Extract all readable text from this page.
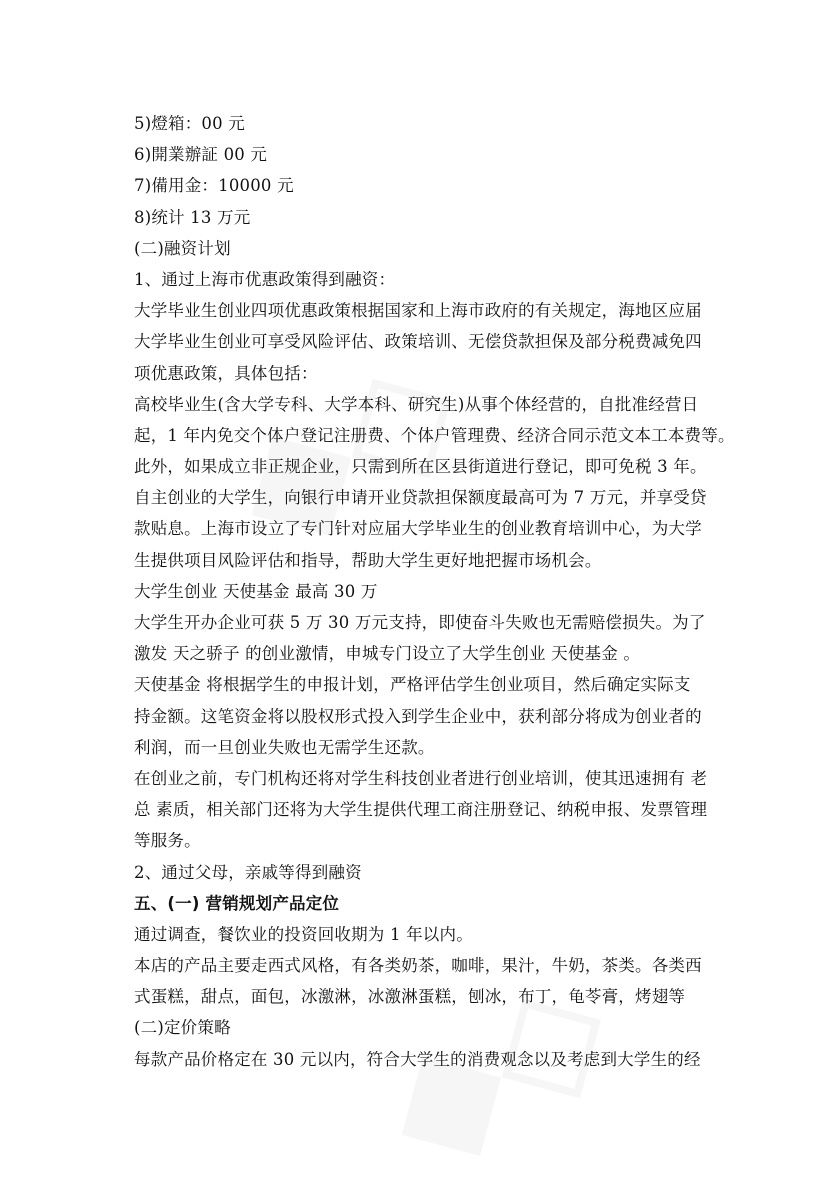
5)燈箱：00 元
6)開業辦証 00 元
7)備用金：10000 元
8)统计 13 万元
(二)融资计划
1、通过上海市优惠政策得到融资：
大学毕业生创业四项优惠政策根据国家和上海市政府的有关规定，海地区应届
大学毕业生创业可享受风险评估、政策培训、无偿贷款担保及部分税费减免四
项优惠政策，具体包括：
高校毕业生(含大学专科、大学本科、研究生)从事个体经营的，自批准经营日
起，1 年内免交个体户登记注册费、个体户管理费、经济合同示范文本工本费等。
此外，如果成立非正规企业，只需到所在区县街道进行登记，即可免税 3 年。
自主创业的大学生，向银行申请开业贷款担保额度最高可为 7 万元，并享受贷
款贴息。上海市设立了专门针对应届大学毕业生的创业教育培训中心，为大学
生提供项目风险评估和指导，帮助大学生更好地把握市场机会。
大学生创业 天使基金 最高 30 万
大学生开办企业可获 5 万 30 万元支持，即使奋斗失败也无需赔偿损失。为了
激发 天之骄子 的创业激情，申城专门设立了大学生创业 天使基金 。
天使基金 将根据学生的申报计划，严格评估学生创业项目，然后确定实际支
持金额。这笔资金将以股权形式投入到学生企业中，获利部分将成为创业者的
利润，而一旦创业失败也无需学生还款。
在创业之前，专门机构还将对学生科技创业者进行创业培训，使其迅速拥有 老
总 素质，相关部门还将为大学生提供代理工商注册登记、纳税申报、发票管理
等服务。
2、通过父母，亲戚等得到融资
五、(一) 营销规划产品定位
通过调查，餐饮业的投资回收期为 1 年以内。
本店的产品主要走西式风格，有各类奶茶，咖啡，果汁，牛奶，茶类。各类西
式蛋糕，甜点，面包，冰激淋，冰激淋蛋糕，刨冰，布丁，龟苓膏，烤翅等
(二)定价策略
每款产品价格定在 30 元以内，符合大学生的消费观念以及考虑到大学生的经
